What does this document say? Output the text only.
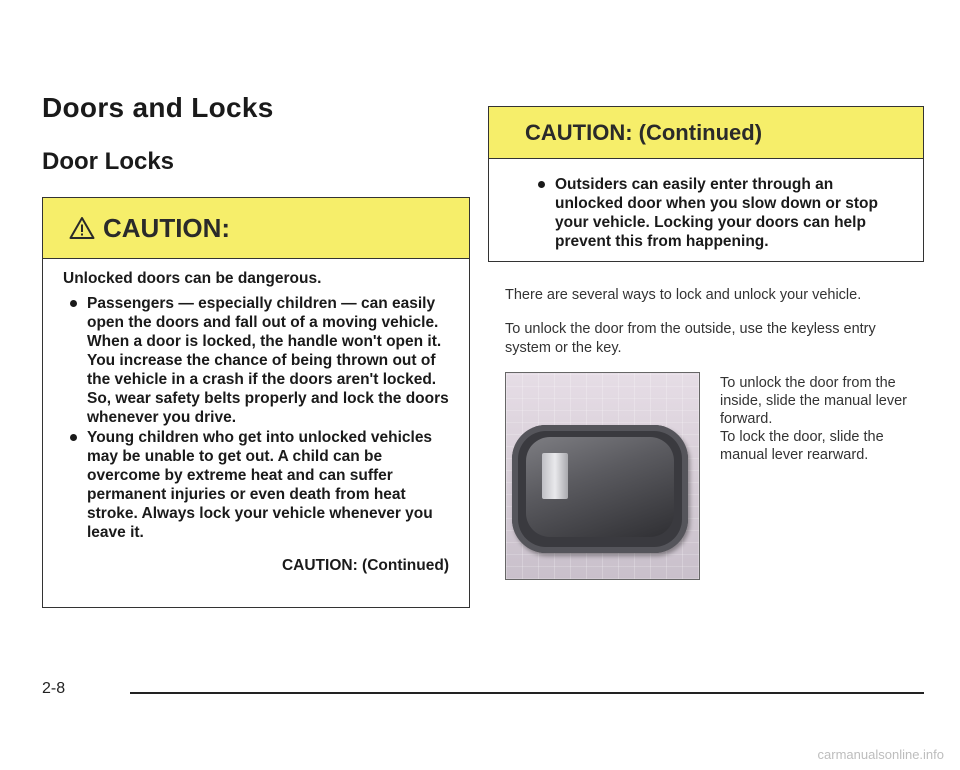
Doors and Locks
Door Locks
CAUTION:

Unlocked doors can be dangerous.

Passengers — especially children — can easily open the doors and fall out of a moving vehicle. When a door is locked, the handle won't open it. You increase the chance of being thrown out of the vehicle in a crash if the doors aren't locked. So, wear safety belts properly and lock the doors whenever you drive.
Young children who get into unlocked vehicles may be unable to get out. A child can be overcome by extreme heat and can suffer permanent injuries or even death from heat stroke. Always lock your vehicle whenever you leave it.
CAUTION: (Continued)
CAUTION: (Continued)
Outsiders can easily enter through an unlocked door when you slow down or stop your vehicle. Locking your doors can help prevent this from happening.

There are several ways to lock and unlock your vehicle.

To unlock the door from the outside, use the keyless entry system or the key.

To unlock the door from the inside, slide the manual lever forward.

To lock the door, slide the manual lever rearward.

2-8
carmanualsonline.info
